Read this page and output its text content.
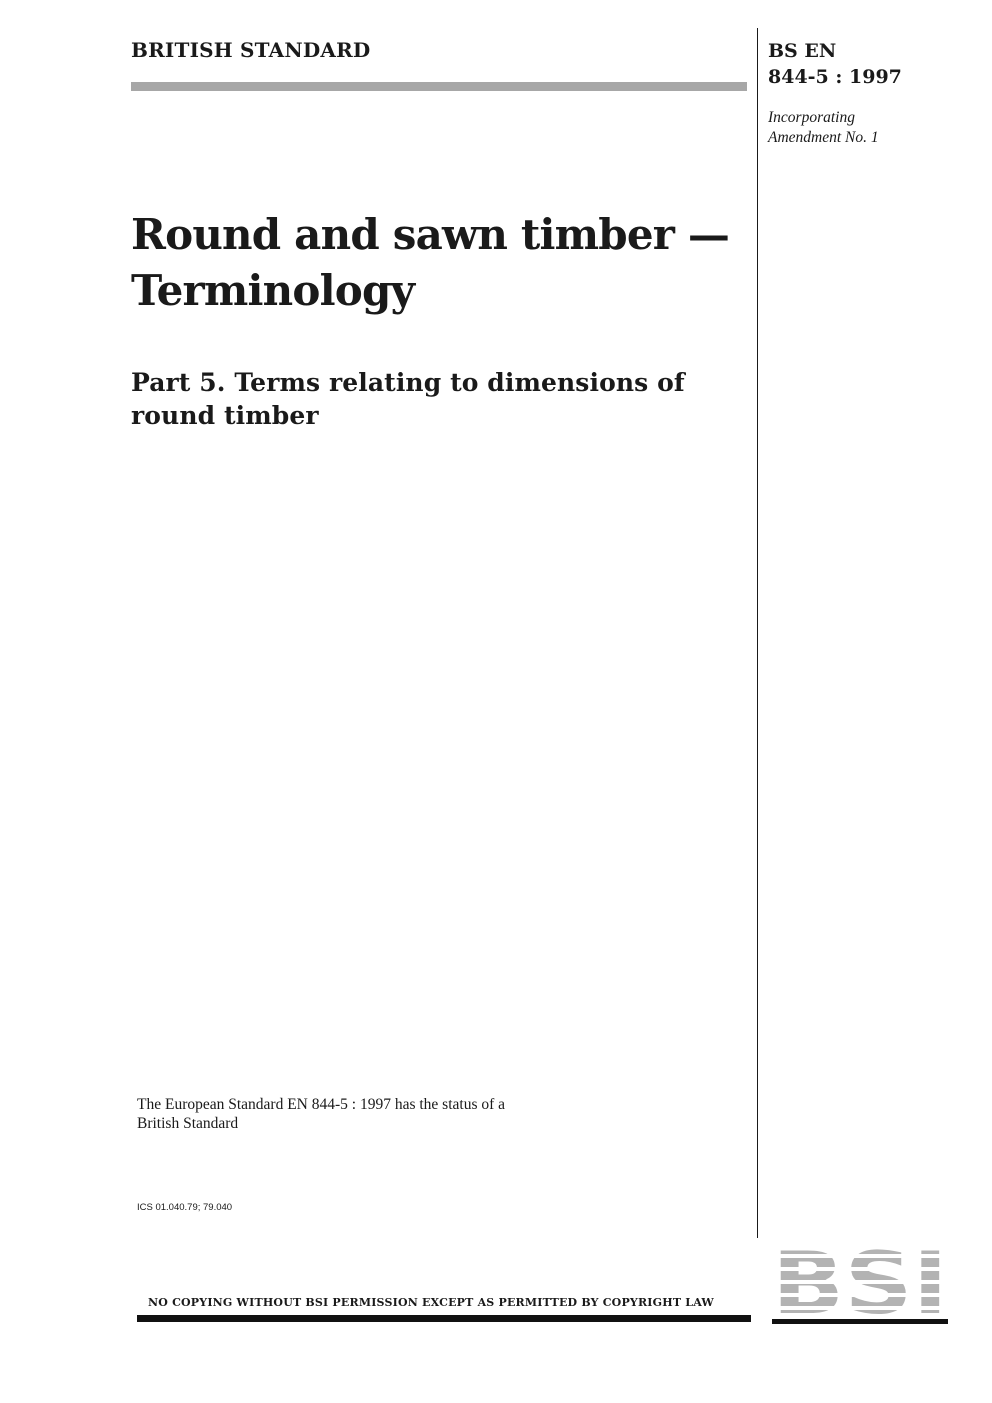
BRITISH STANDARD	BS EN
844-5 : 1997
Incorporating
Amendment No. 1
Round and sawn timber —
Terminology
Part 5. Terms relating to dimensions of
round timber
The European Standard EN 844-5 : 1997 has the status of a
British Standard
ICS 01.040.79; 79.040
NO COPYING WITHOUT BSI PERMISSION EXCEPT AS PERMITTED BY COPYRIGHT LAW
